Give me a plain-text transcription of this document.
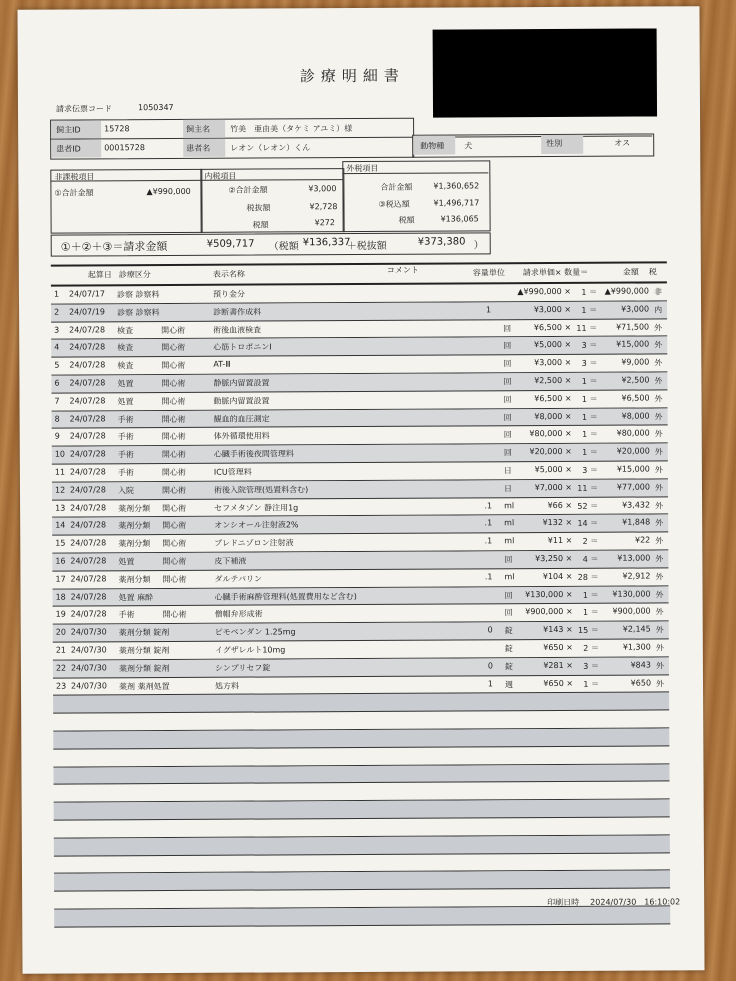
診療明細書
請求伝票コード	1050347
飼主ID	15728	飼主名 竹美　亜由美（タケミ アユミ）様
患者ID	00015728	患者名 レオン（レオン）くん	動物種 犬	性別	オス
非課税項目
①合計金額	▲¥990,000
内税項目
②合計金額	¥3,000
税抜額	¥2,728
税額	¥272
外税項目
合計金額	¥1,360,652
③税込額	¥1,496,717
税額	¥136,065
①＋②＋③＝請求金額	¥509,717 （税額 ¥136,337
＋税抜額	¥373,380 ）
起算日 診療区分	表示名称	コメント	容量単位 請求単価× 数量＝	金額 税
1 24/07/17 診察 診察料	預り金分	▲¥990,000 × 1 ＝ ▲¥990,000 非
2 24/07/19 診察 診察料	診断書作成料	1	¥3,000 × 1 ＝	¥3,000 内
3 24/07/28 検査	開心術	術後血液検査	回	¥6,500 × 11 ＝ ¥71,500 外
4 24/07/28 検査	開心術	心筋トロポニンI	回	¥5,000 × 3 ＝ ¥15,000 外
5 24/07/28 検査	開心術	AT-Ⅲ	回	¥3,000 × 3 ＝	¥9,000 外
6 24/07/28 処置	開心術	静脈内留置設置	回	¥2,500 × 1 ＝	¥2,500 外
7 24/07/28 処置	開心術	動脈内留置設置	回	¥6,500 × 1 ＝	¥6,500 外
8 24/07/28 手術	開心術	観血的血圧測定	回	¥8,000 × 1 ＝	¥8,000 外
9 24/07/28 手術	開心術	体外循環使用料	回 ¥80,000 × 1 ＝ ¥80,000 外
10 24/07/28 手術	開心術	心臓手術後夜間管理料	回 ¥20,000 × 1 ＝ ¥20,000 外
11 24/07/28 手術	開心術	ICU管理料	日	¥5,000 × 3 ＝ ¥15,000 外
12 24/07/28 入院	開心術	術後入院管理(処置料含む)	日	¥7,000 × 11 ＝ ¥77,000 外
13 24/07/28 薬剤分類 開心術	セフメタゾン 静注用1g	.1 ml	¥66 × 52 ＝	¥3,432 外
14 24/07/28 薬剤分類 開心術	オンシオール注射液2%	.1 ml	¥132 × 14 ＝	¥1,848 外
15 24/07/28 薬剤分類 開心術	プレドニゾロン注射液	.1 ml	¥11 × 2 ＝	¥22 外
16 24/07/28 処置	開心術	皮下補液	回	¥3,250 × 4 ＝ ¥13,000 外
17 24/07/28 薬剤分類 開心術	ダルテパリン	.1 ml	¥104 × 28 ＝	¥2,912 外
18 24/07/28 処置 麻酔	心臓手術麻酔管理料(処置費用など含む)	回 ¥130,000 × 1 ＝ ¥130,000 外
19 24/07/28 手術	開心術	僧帽弁形成術	回 ¥900,000 × 1 ＝ ¥900,000 外
20 24/07/30 薬剤分類 錠剤	ピモベンダン 1.25mg	0 錠	¥143 × 15 ＝	¥2,145 外
21 24/07/30 薬剤分類 錠剤	イグザレルト10mg	錠	¥650 × 2 ＝	¥1,300 外
22 24/07/30 薬剤分類 錠剤	シンプリセフ錠	0 錠	¥281 × 3 ＝	¥843 外
23 24/07/30 薬剤 薬剤処置	処方料	1 週	¥650 × 1 ＝	¥650 外
印刷日時 2024/07/30　16:10:02
